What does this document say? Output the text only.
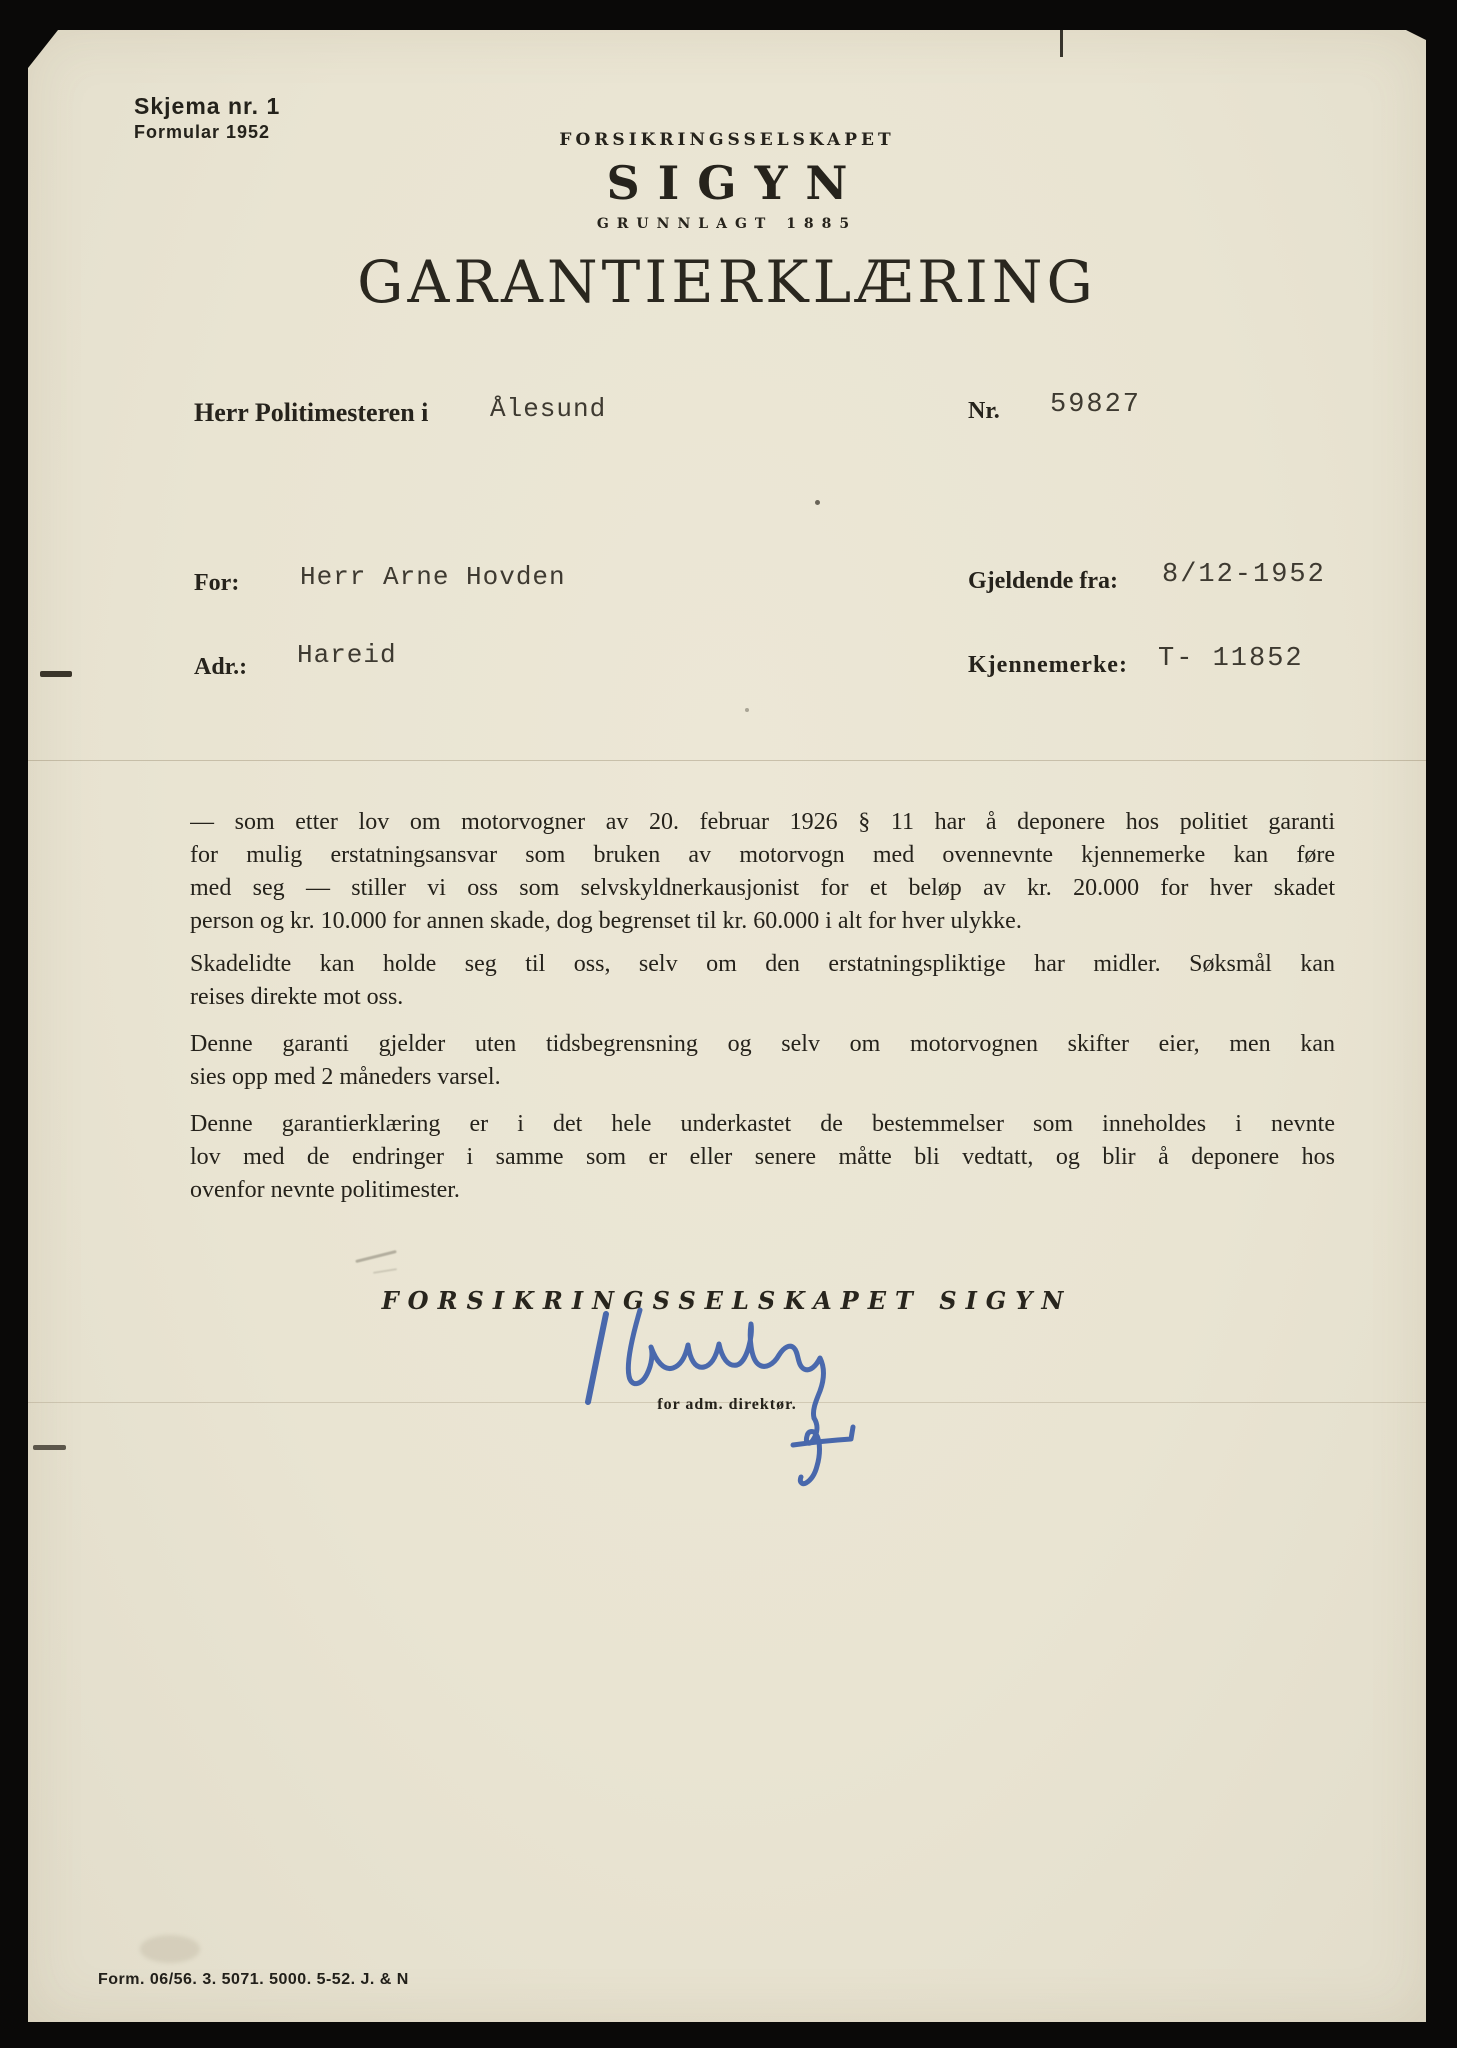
Skjema nr. 1
Formular 1952	FORSIKRINGSSELSKAPET
SIGYN
GRUNNLAGT 1885
GARANTIERKLÆRING
Herr Politimesteren i Ålesund	Nr. 59827
For: Herr Arne Hovden	Gjeldende fra: 8/12-1952
Adr.: Hareid	Kjennemerke: T- 11852
— som etter lov om motorvogner av 20. februar 1926 § 11 har å deponere hos politiet garanti
for mulig erstatningsansvar som bruken av motorvogn med ovennevnte kjennemerke kan føre
med seg — stiller vi oss som selvskyldnerkausjonist for et beløp av kr. 20.000 for hver skadet
person og kr. 10.000 for annen skade, dog begrenset til kr. 60.000 i alt for hver ulykke.
Skadelidte kan holde seg til oss, selv om den erstatningspliktige har midler. Søksmål kan
reises direkte mot oss.
Denne garanti gjelder uten tidsbegrensning og selv om motorvognen skifter eier, men kan
sies opp med 2 måneders varsel.
Denne garantierklæring er i det hele underkastet de bestemmelser som inneholdes i nevnte
lov med de endringer i samme som er eller senere måtte bli vedtatt, og blir å deponere hos
ovenfor nevnte politimester.
FORSIKRINGSSELSKAPET SIGYN
for adm. direktør.
Form. 06/56. 3. 5071. 5000. 5-52. J. & N
